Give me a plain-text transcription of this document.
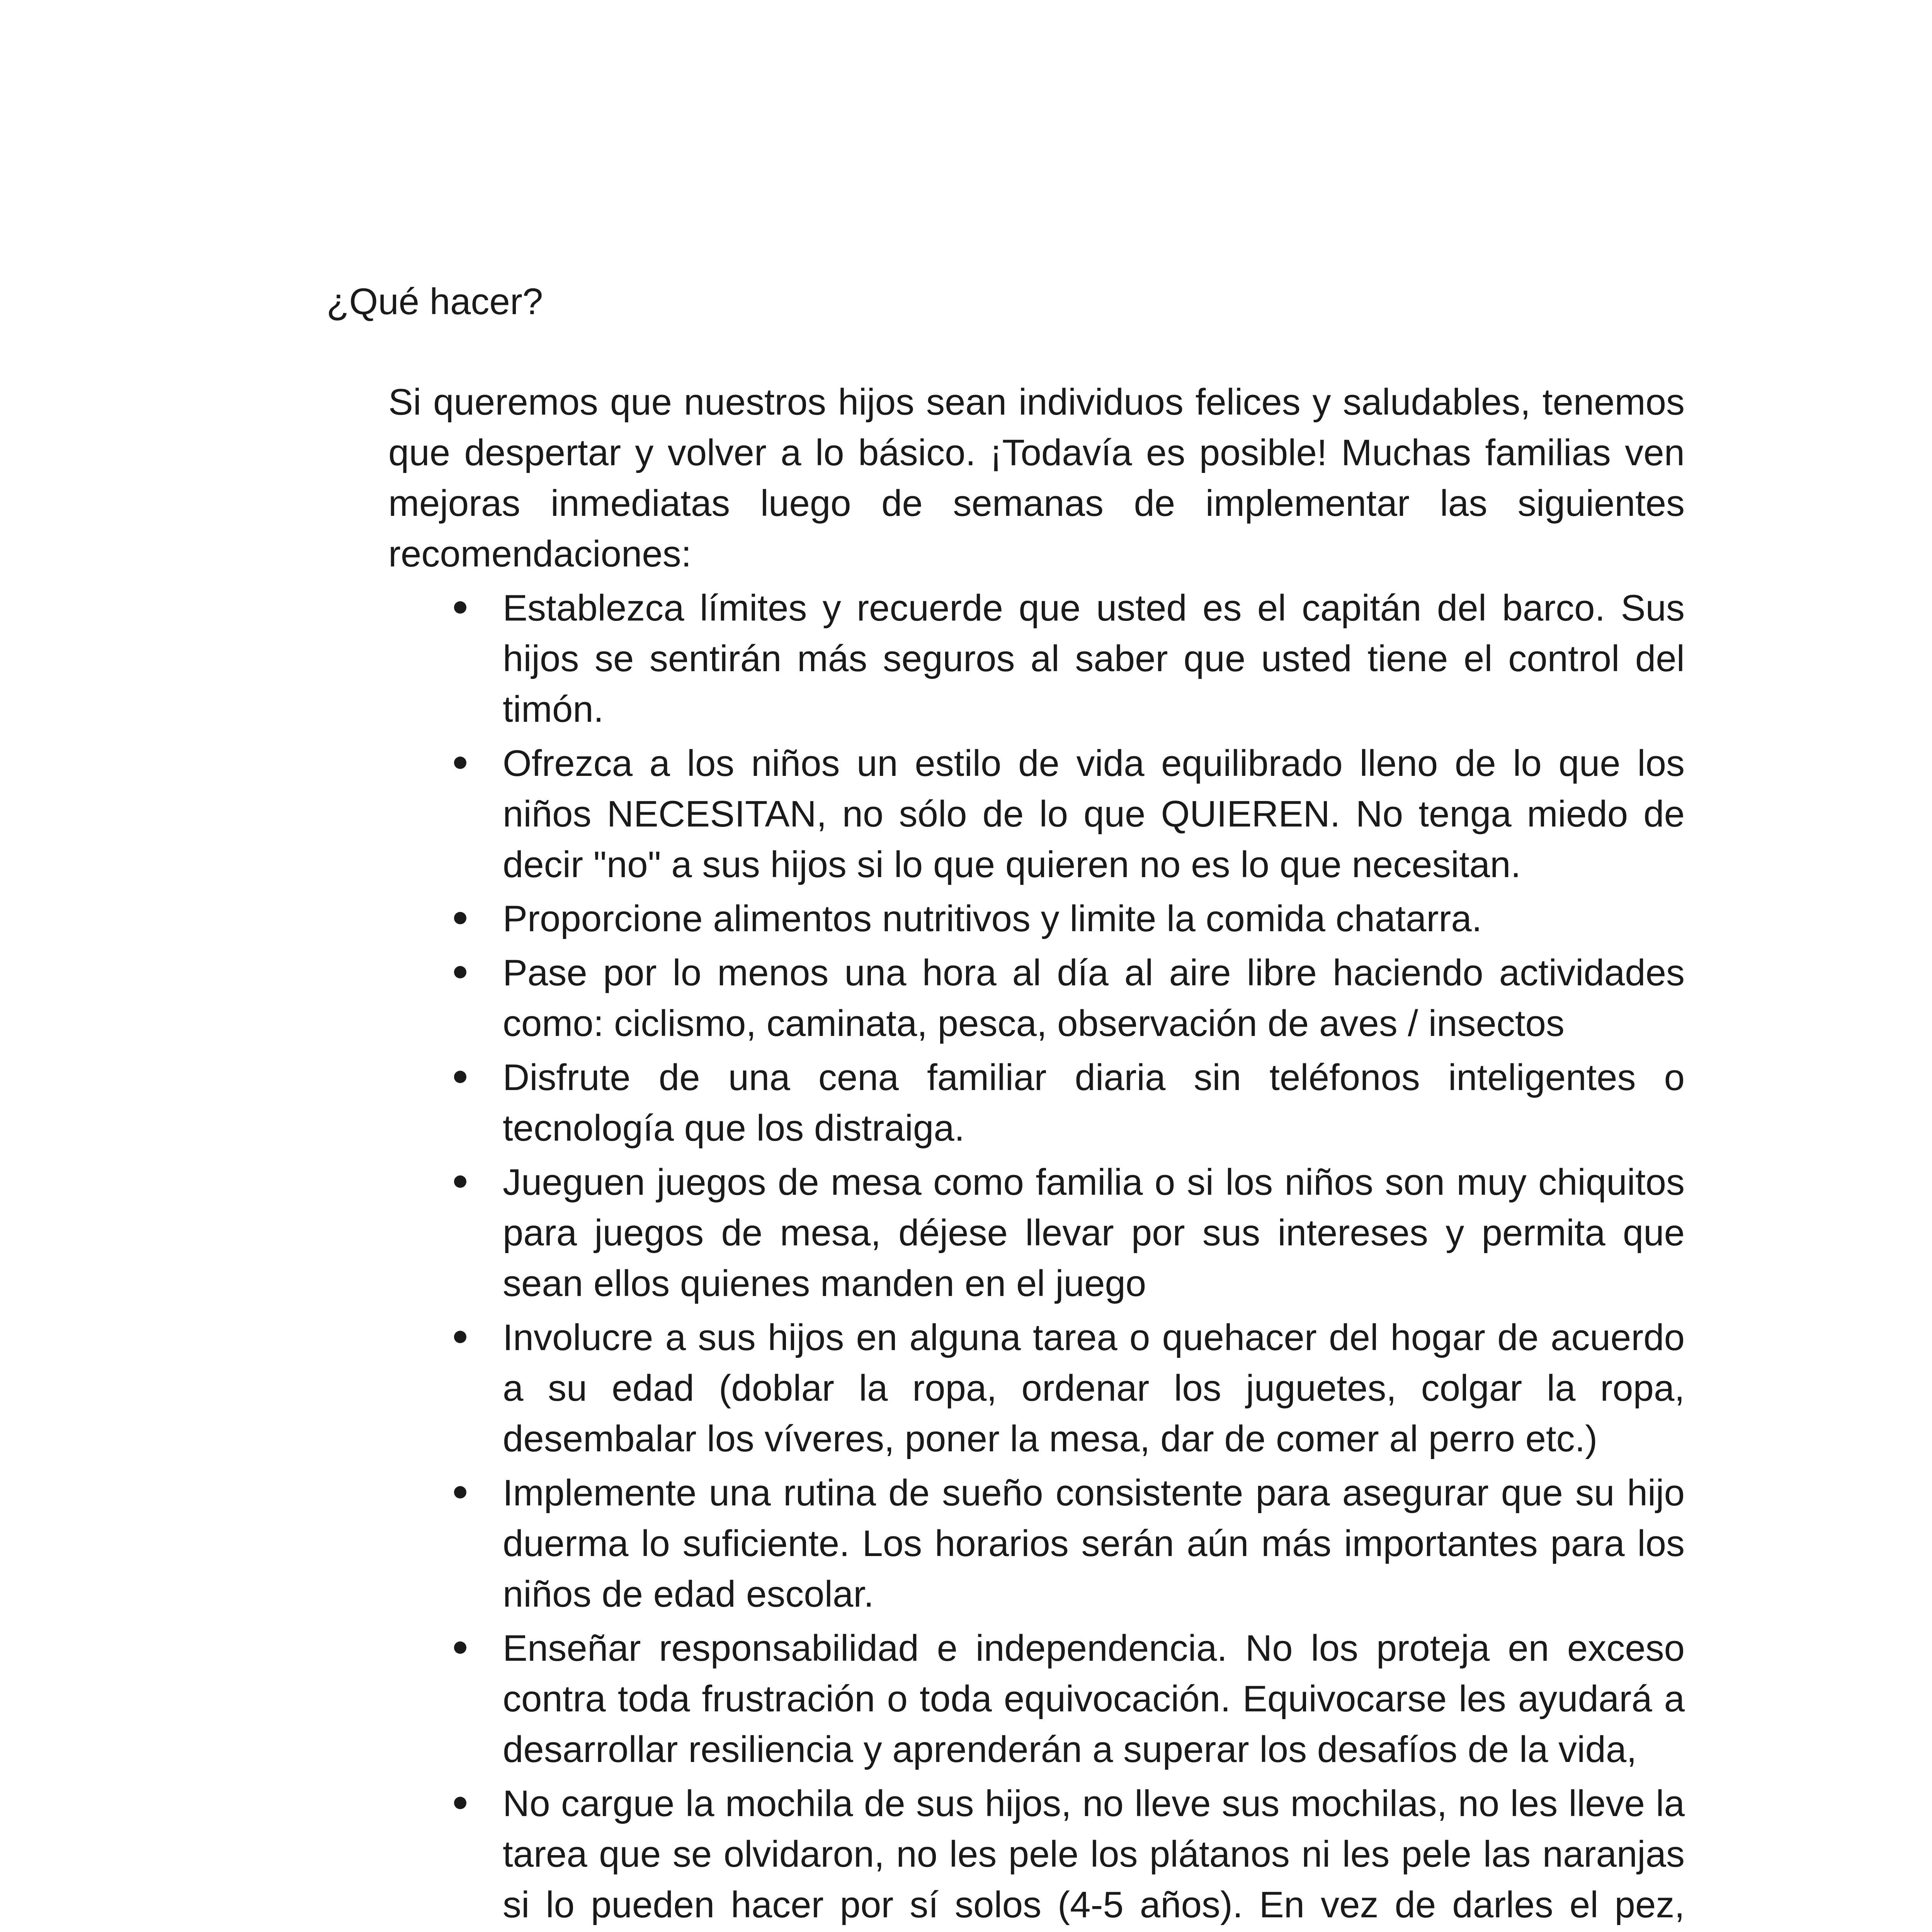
¿Qué hacer?

Si queremos que nuestros hijos sean individuos felices y saludables, tenemos que despertar y volver a lo básico. ¡Todavía es posible! Muchas familias ven mejoras inmediatas luego de semanas de implementar las siguientes recomendaciones:

Establezca límites y recuerde que usted es el capitán del barco. Sus hijos se sentirán más seguros al saber que usted tiene el control del timón.
Ofrezca a los niños un estilo de vida equilibrado lleno de lo que los niños NECESITAN, no sólo de lo que QUIEREN. No tenga miedo de decir "no" a sus hijos si lo que quieren no es lo que necesitan.
Proporcione alimentos nutritivos y limite la comida chatarra.
Pase por lo menos una hora al día al aire libre haciendo actividades como: ciclismo, caminata, pesca, observación de aves / insectos
Disfrute de una cena familiar diaria sin teléfonos inteligentes o tecnología que los distraiga.
Jueguen juegos de mesa como familia o si los niños son muy chiquitos para juegos de mesa, déjese llevar por sus intereses y permita que sean ellos quienes manden en el juego
Involucre a sus hijos en alguna tarea o quehacer del hogar de acuerdo a su edad (doblar la ropa, ordenar los juguetes, colgar la ropa, desembalar los víveres, poner la mesa, dar de comer al perro etc.)
Implemente una rutina de sueño consistente para asegurar que su hijo duerma lo suficiente. Los horarios serán aún más importantes para los niños de edad escolar.
Enseñar responsabilidad e independencia. No los proteja en exceso contra toda frustración o toda equivocación. Equivocarse les ayudará a desarrollar resiliencia y aprenderán a superar los desafíos de la vida,
No cargue la mochila de sus hijos, no lleve sus mochilas, no les lleve la tarea que se olvidaron, no les pele los plátanos ni les pele las naranjas si lo pueden hacer por sí solos (4-5 años). En vez de darles el pez,
